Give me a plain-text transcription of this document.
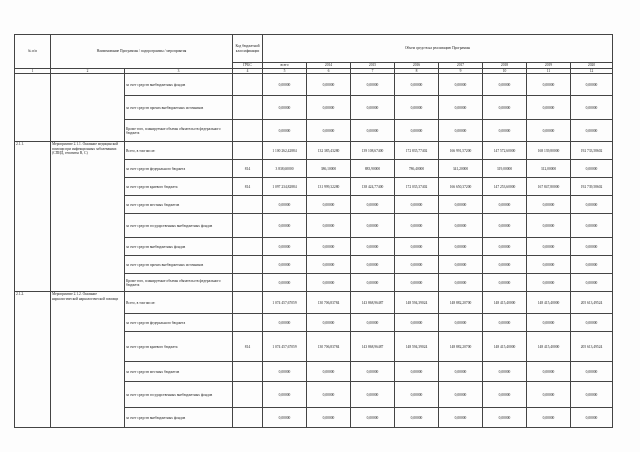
№ п/п	Наименование Программы / подпрограммы / мероприятия		Код бюджетной классификации	Объем средств на реализацию Программы							
			ГРБС	всего	2014	2015	2016	2017	2018	2019	2020
1	2	3	4	5	6	7	8	9	10	11	12
		за счет средств внебюджетных фондов		0,00000	0,00000	0,00000	0,00000	0,00000	0,00000	0,00000	0,00000
		за счет средств прочих внебюджетных источников		0,00000	0,00000	0,00000	0,00000	0,00000	0,00000	0,00000	0,00000
		Кроме того, планируемые объемы обязательств федерального бюджета		0,00000	0,00000	0,00000	0,00000	0,00000	0,00000	0,00000	0,00000
2.1.1.	Мероприятие 2.1.1. Оказание медицинской помощи при инфекционных заболеваниях (СПИД, гепатиты В, С)	Всего, в том числе:		1 100 262,42884	132 385,43280	139 108,67400	172 835,77402	166 991,57200	147 572,60000	168 139,80000	192 733,58602
		за счет средств федерального бюджета	814	3 838,60000	386,10000	883,90000	786,40000	341,20000	319,00000	312,00000	0,00000
		за счет средств краевого бюджета	814	1 097 234,82884	131 999,32280	138 424,77400	172 035,37402	166 650,37200	147 253,60000	167 847,80000	192 739,58602
		за счет средств местных бюджетов		0,00000	0,00000	0,00000	0,00000	0,00000	0,00000	0,00000	0,00000
		за счет средств государственных внебюджетных фондов		0,00000	0,00000	0,00000	0,00000	0,00000	0,00000	0,00000	0,00000
		за счет средств внебюджетных фондов		0,00000	0,00000	0,00000	0,00000	0,00000	0,00000	0,00000	0,00000
		за счет средств прочих внебюджетных источников		0,00000	0,00000	0,00000	0,00000	0,00000	0,00000	0,00000	0,00000
		Кроме того, планируемые объемы обязательств федерального бюджета		0,00000	0,00000	0,00000	0,00000	0,00000	0,00000	0,00000	0,00000
2.1.2.	Мероприятие 2.1.2. Оказание наркологической наркологической помощи	Всего, в том числе:		1 074 457,67059	130 706,83784	143 868,96487	148 594,39024	148 882,20700	148 415,40000	148 415,40000	205 613,49524
		за счет средств федерального бюджета		0,00000	0,00000	0,00000	0,00000	0,00000	0,00000	0,00000	0,00000
		за счет средств краевого бюджета	814	1 074 457,67059	130 706,83784	143 868,96487	148 594,39024	148 882,20700	148 415,40000	148 415,40000	205 613,49524
		за счет средств местных бюджетов		0,00000	0,00000	0,00000	0,00000	0,00000	0,00000	0,00000	0,00000
		за счет средств государственных внебюджетных фондов		0,00000	0,00000	0,00000	0,00000	0,00000	0,00000	0,00000	0,00000
		за счет средств внебюджетных фондов		0,00000	0,00000	0,00000	0,00000	0,00000	0,00000	0,00000	0,00000
